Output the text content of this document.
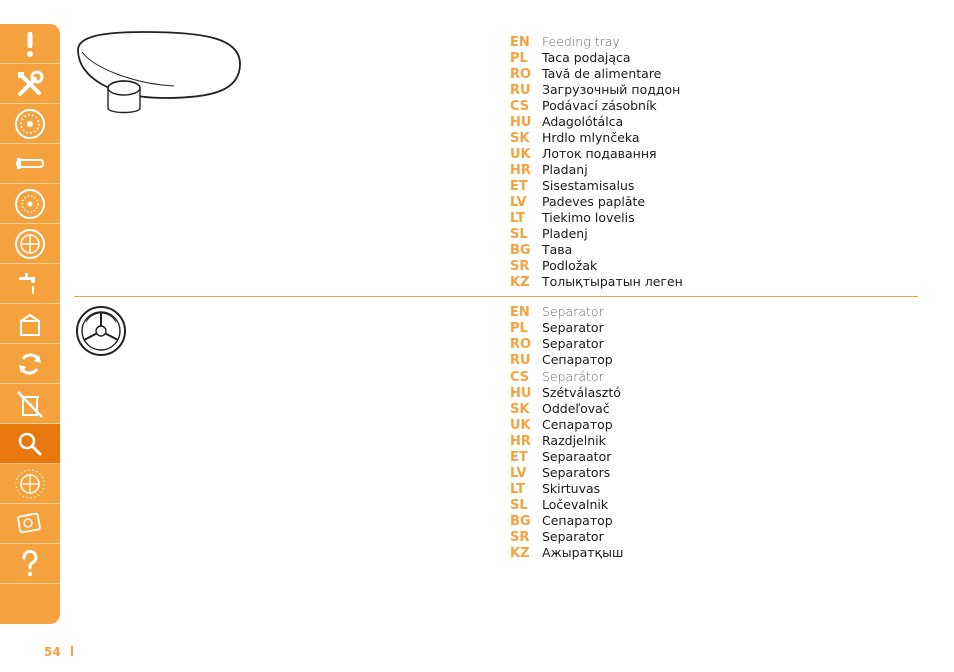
EN Feeding tray
PL	Taca podająca
RO Tavă de alimentare
RU Загрузочный поддон
CS	Podávací zásobník
HU Adagolótálca
SK	Hrdlo mlynčeka
UK Лоток подавання
HR Pladanj
ET	Sisestamisalus
LV	Padeves paplāte
LT	Tiekimo lovelis
SL	Pladenj
BG Тава
SR	Podložak
KZ	Толықтыратын леген
EN Separator
PL	Separator
RO Separator
RU Сепаратор
CS	Separátor
HU Szétválasztó
SK	Oddeľovač
UK Сепаратор
HR Razdjelnik
ET	Separaator
LV	Separators
LT	Skirtuvas
SL	Ločevalnik
BG Сепаратор
SR	Separator
KZ	Ажыратқыш
54
